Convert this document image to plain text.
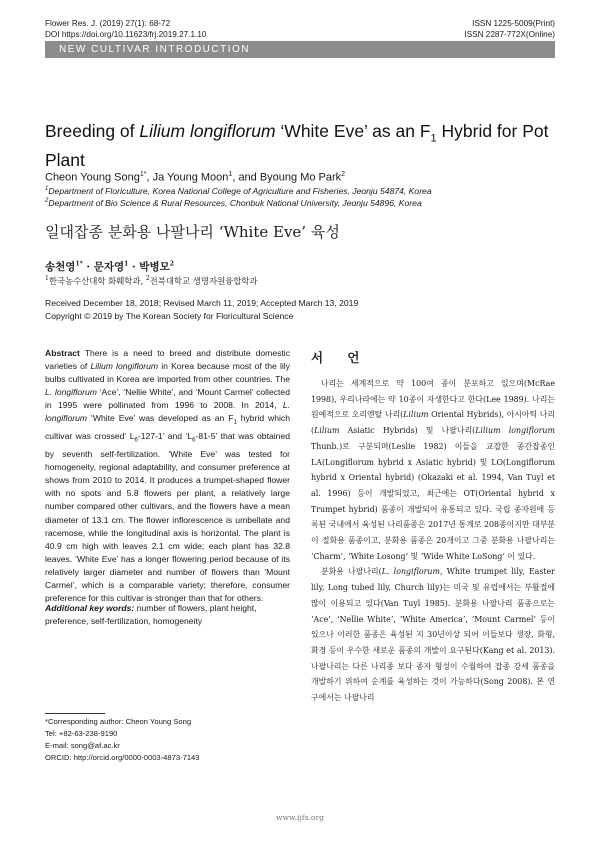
Flower Res. J. (2019) 27(1): 68-72
DOI https://doi.org/10.11623/frj.2019.27.1.10
ISSN 1225-5009(Print)
ISSN 2287-772X(Online)
NEW CULTIVAR INTRODUCTION
Breeding of Lilium longiflorum ‘White Eve’ as an $F_1$ Hybrid for Pot Plant
Cheon Young Song$^{1*}$, Ja Young Moon$^1$, and Byoung Mo Park$^2$
$^1$Department of Floriculture, Korea National College of Agriculture and Fisheries, Jeonju 54874, Korea
$^2$Department of Bio Science & Rural Resources, Chonbuk National University, Jeonju 54896, Korea
일대잡종 분화용 나팔나리 ‘White Eve’ 육성
송천영$^{1*}$ · 문자영$^1$ · 박병모$^2$
$^1$한국농수산대학 화훼학과, $^2$전북대학교 생명자원융합학과
Received December 18, 2018; Revised March 11, 2019; Accepted March 13, 2019
Copyright © 2019 by The Korean Society for Floricultural Science
Abstract There is a need to breed and distribute domestic varieties of Lilium longiflorum in Korea because most of the lily bulbs cultivated in Korea are imported from other countries. The L. longiflorum ‘Ace’, ‘Nellie White’, and ‘Mount Carmel’ collected in 1995 were pollinated from 1996 to 2008. In 2014, L. longiflorum ‘White Eve’ was developed as an $F_1$ hybrid which cultivar was crossed‘ $L_6-127-1$’ and ‘$L_6-81-5$’ that was obtained by seventh self-fertilization. ‘White Eve’ was tested for homogeneity, regional adaptability, and consumer preference at shows from 2010 to 2014. It produces a trumpet-shaped flower with no spots and 5.8 flowers per plant, a relatively large number compared other cultivars, and the flowers have a mean diameter of 13.1 cm. The flower inflorescence is umbellate and racemose, while the longitudinal axis is horizontal. The plant is 40.9 cm high with leaves 2.1 cm wide; each plant has 32.8 leaves. ‘White Eve’ has a longer flowering period because of its relatively larger diameter and number of flowers than ‘Mount Carmel’, which is a comparable variety; therefore, consumer preference for this cultivar is stronger than that for others.
Additional key words: number of flowers, plant height, preference, self-fertilization, homogeneity
*Corresponding author: Cheon Young Song
Tel: +82-63-238-9190
E-mail: song@af.ac.kr
ORCID: http://orcid.org/0000-0003-4873-7143
서 언

나리는 세계적으로 약 100여 종이 분포하고 있으며(McRae 1998), 우리나라에는 약 10종이 자생한다고 한다(Lee 1989). 나리는 원예적으로 오리엔탈 나리(Lilium Oriental Hybrids), 아시아틱 나리(Lilium Asiatic Hybrids) 및 나팔나리(Lilium longiflorum Thunb.)로 구분되며(Leslie 1982) 이들을 교잡한 종간잡종인 LA(Longiflorum hybrid x Asiatic hybrid) 및 LO(Longiflorum hybrid x Oriental hybrid) (Okazaki et al. 1994, Van Tuyl et al. 1996) 등이 개발되었고, 최근에는 OT(Oriental hybrid x Trumpet hybrid) 품종이 개발되어 유통되고 있다. 국립 종자원에 등록된 국내에서 육성된 나리품종은 2017년 통계로 208종이지만 대부분이 절화용 품종이고, 분화용 품종은 20개이고 그중 분화용 나팔나리는 ‘Charm’, ‘White Losong’ 및 ‘Wide White LoSong’ 이 있다.

분화용 나팔나리(L. longiflorum, White trumpet lily, Easter lily, Long tubed lily, Church lily)는 미국 및 유럽에서는 부활절에 많이 이용되고 있다(Van Tuyl 1985). 분화용 나팔나리 품종으로는 ‘Ace’, ‘Nellie White’, ‘White America’, ‘Mount Carmel’ 등이 있으나 이러한 품종은 육성된 지 30년이상 되어 이들보다 생장, 화형, 화경 등이 우수한 새로운 품종의 개발이 요구된다(Kang et al. 2013). 나팔나리는 다른 나리종 보다 종자 형성이 수월하여 잡종 강세 품종을 개발하기 위하여 순계를 육성하는 것이 가능하다(Song 2008). 본 연구에서는 나팔나리

www.ijfs.org
